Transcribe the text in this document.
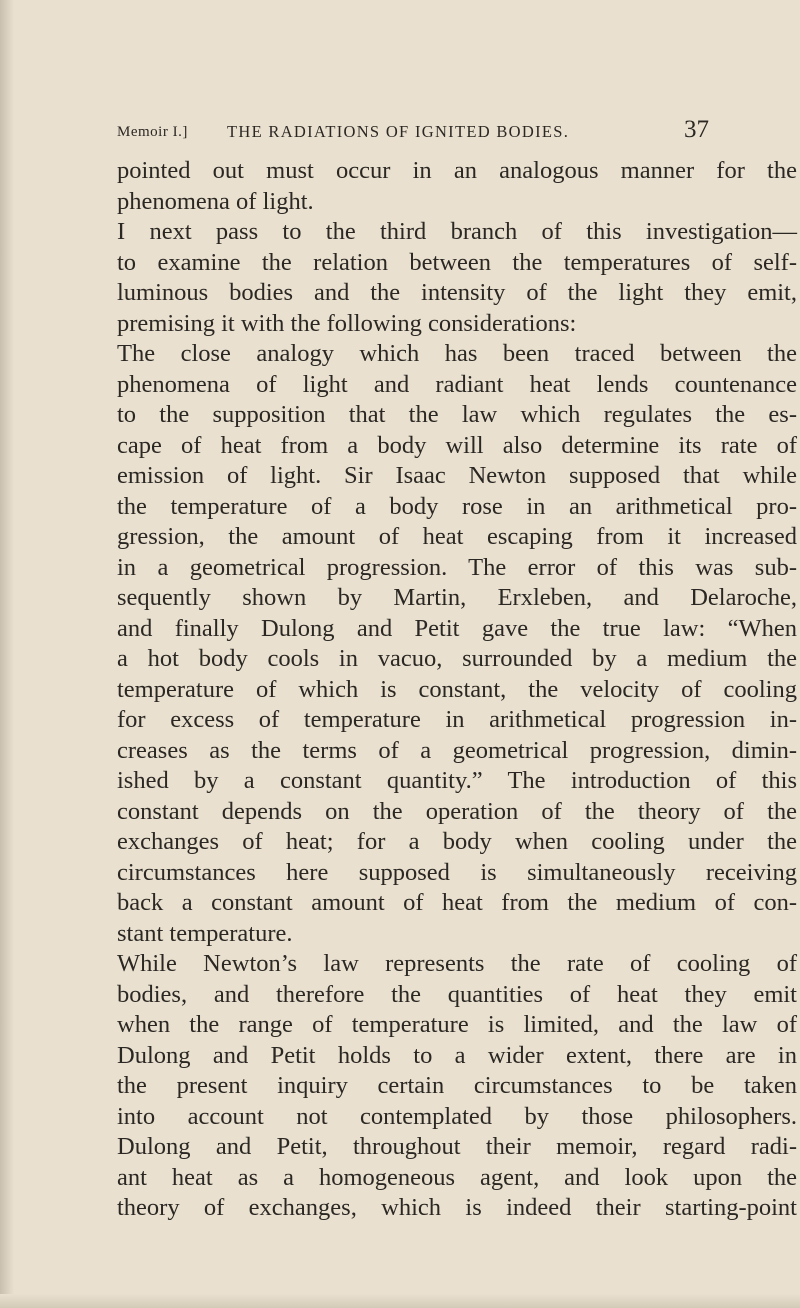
Memoir I.] THE RADIATIONS OF IGNITED BODIES.	37
pointed out must occur in an analogous manner for the
phenomena of light.
I next pass to the third branch of this investigation—
to examine the relation between the temperatures of self-
luminous bodies and the intensity of the light they emit,
premising it with the following considerations:
The close analogy which has been traced between the
phenomena of light and radiant heat lends countenance
to the supposition that the law which regulates the es-
cape of heat from a body will also determine its rate of
emission of light. Sir Isaac Newton supposed that while
the temperature of a body rose in an arithmetical pro-
gression, the amount of heat escaping from it increased
in a geometrical progression. The error of this was sub-
sequently shown by Martin, Erxleben, and Delaroche,
and finally Dulong and Petit gave the true law: “When
a hot body cools in vacuo, surrounded by a medium the
temperature of which is constant, the velocity of cooling
for excess of temperature in arithmetical progression in-
creases as the terms of a geometrical progression, dimin-
ished by a constant quantity.” The introduction of this
constant depends on the operation of the theory of the
exchanges of heat; for a body when cooling under the
circumstances here supposed is simultaneously receiving
back a constant amount of heat from the medium of con-
stant temperature.
While Newton’s law represents the rate of cooling of
bodies, and therefore the quantities of heat they emit
when the range of temperature is limited, and the law of
Dulong and Petit holds to a wider extent, there are in
the present inquiry certain circumstances to be taken
into account not contemplated by those philosophers.
Dulong and Petit, throughout their memoir, regard radi-
ant heat as a homogeneous agent, and look upon the
theory of exchanges, which is indeed their starting-point
